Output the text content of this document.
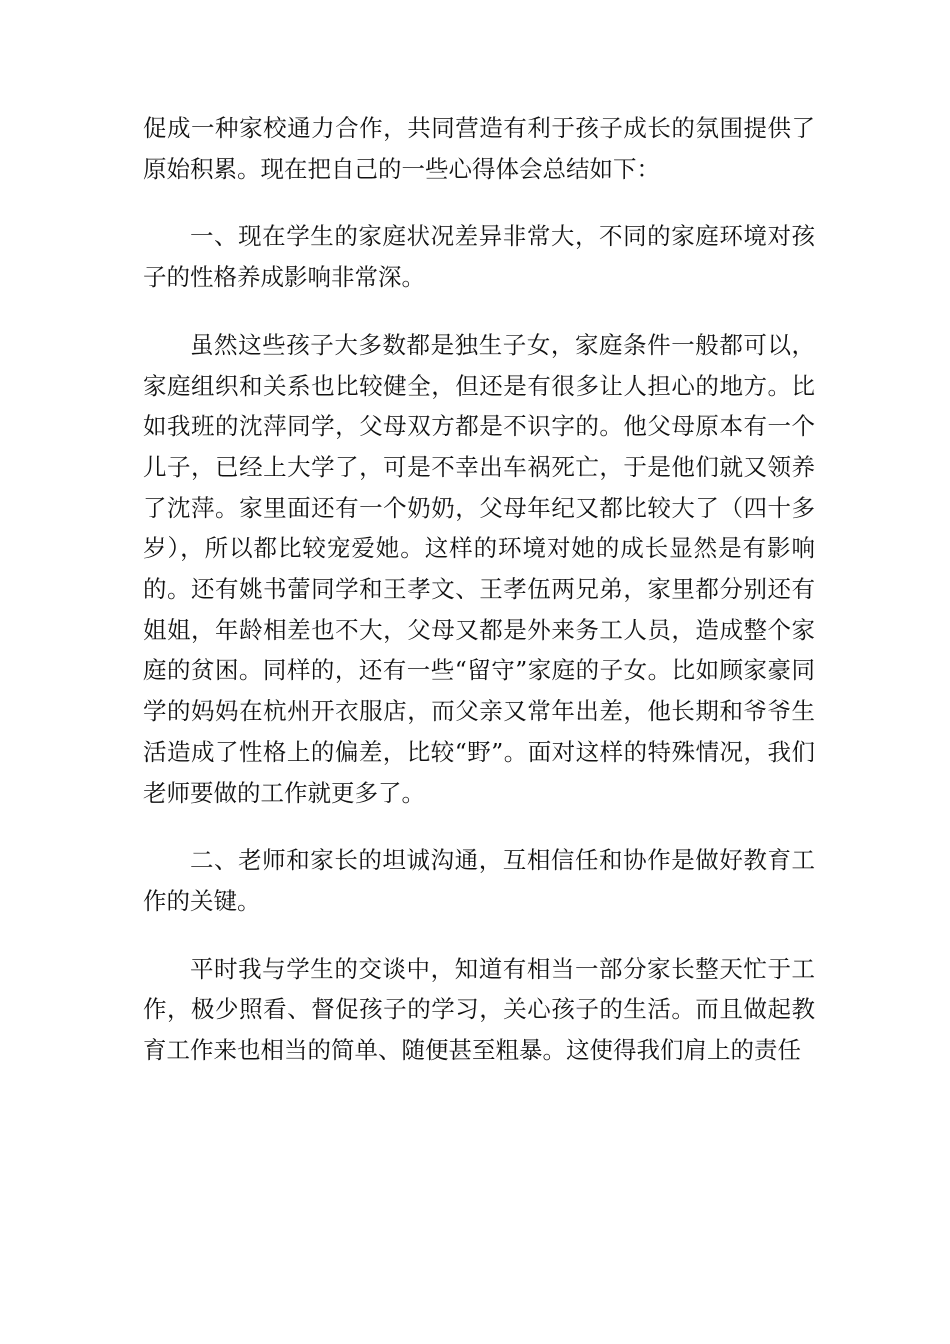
促成一种家校通力合作，共同营造有利于孩子成长的氛围提供了原始积累。现在把自己的一些心得体会总结如下：

一、现在学生的家庭状况差异非常大，不同的家庭环境对孩子的性格养成影响非常深。

虽然这些孩子大多数都是独生子女，家庭条件一般都可以，家庭组织和关系也比较健全，但还是有很多让人担心的地方。比如我班的沈萍同学，父母双方都是不识字的。他父母原本有一个儿子，已经上大学了，可是不幸出车祸死亡，于是他们就又领养了沈萍。家里面还有一个奶奶，父母年纪又都比较大了（四十多岁），所以都比较宠爱她。这样的环境对她的成长显然是有影响的。还有姚书蕾同学和王孝文、王孝伍两兄弟，家里都分别还有姐姐，年龄相差也不大，父母又都是外来务工人员，造成整个家庭的贫困。同样的，还有一些“留守”家庭的子女。比如顾家豪同学的妈妈在杭州开衣服店，而父亲又常年出差，他长期和爷爷生活造成了性格上的偏差，比较“野”。面对这样的特殊情况，我们老师要做的工作就更多了。

二、老师和家长的坦诚沟通，互相信任和协作是做好教育工作的关键。

平时我与学生的交谈中，知道有相当一部分家长整天忙于工作，极少照看、督促孩子的学习，关心孩子的生活。而且做起教育工作来也相当的简单、随便甚至粗暴。这使得我们肩上的责任
